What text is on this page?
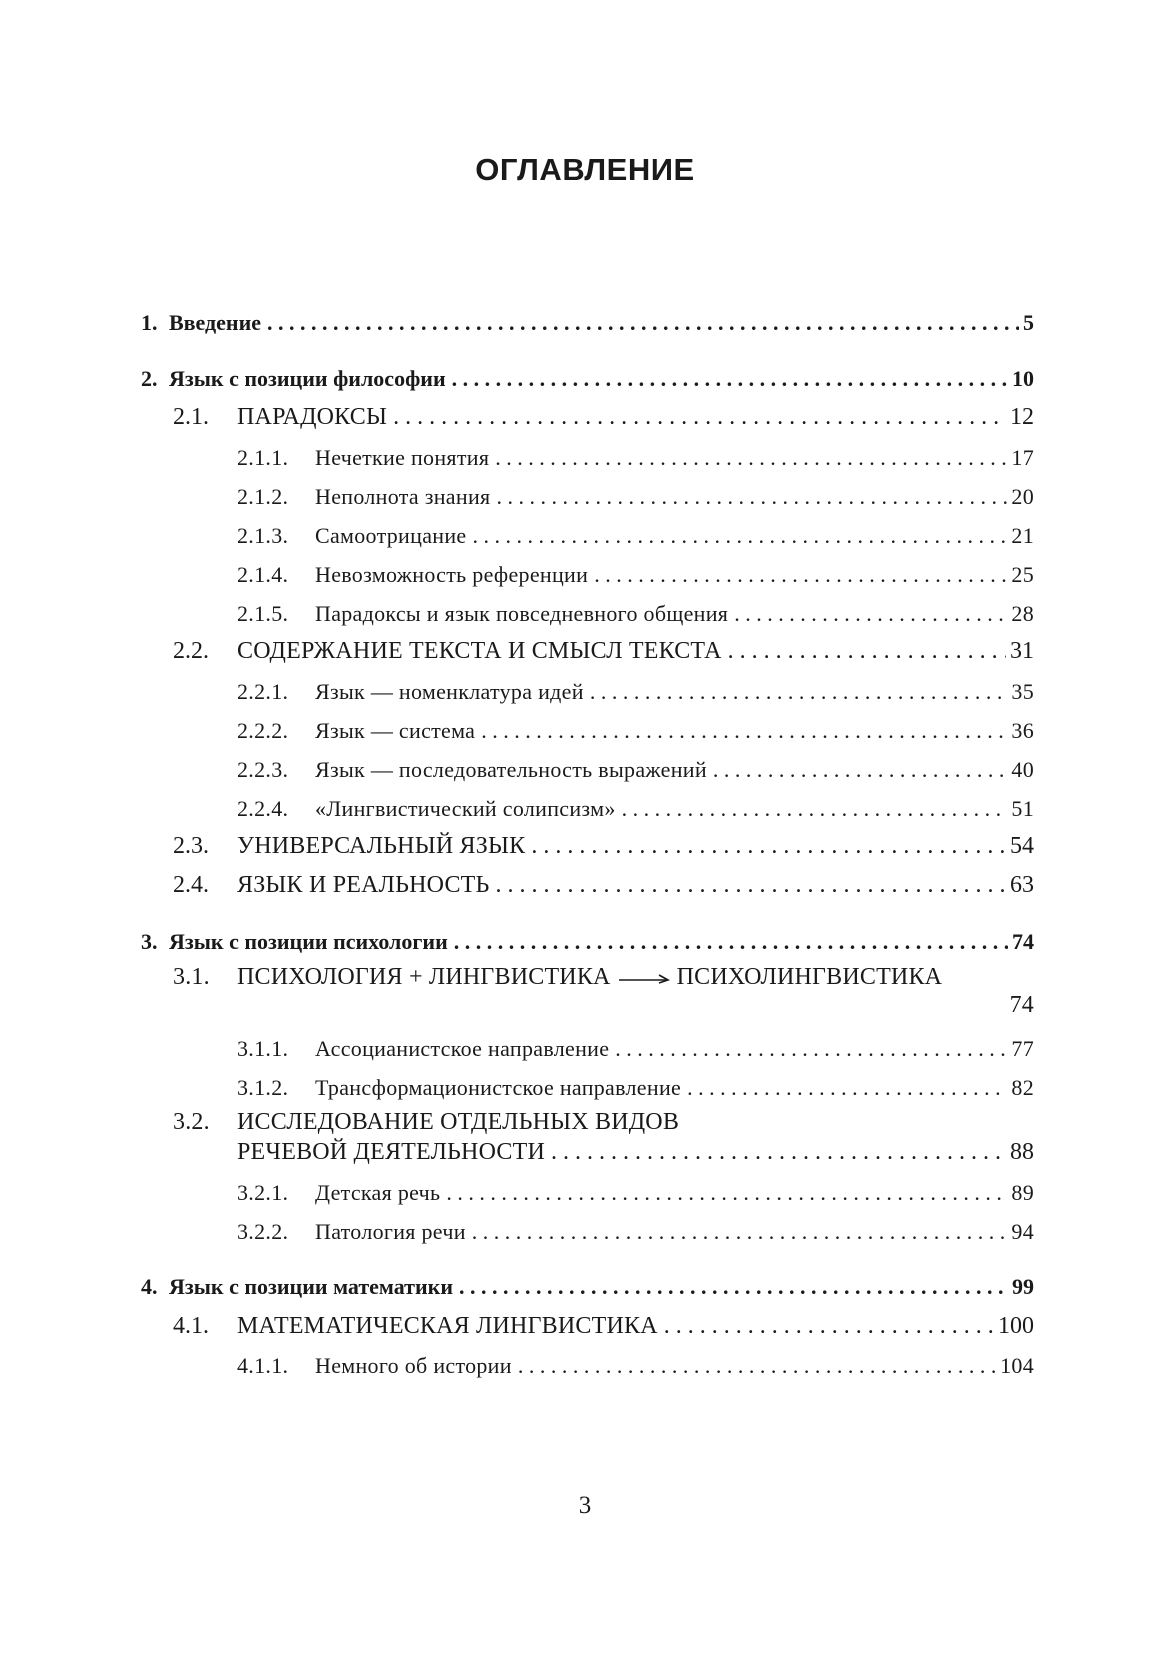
ОГЛАВЛЕНИЕ
1. Введение . . .	5
2. Язык с позиции философии . . .	10
2.1.	ПАРАДОКСЫ . . .	12
2.1.1.	Нечеткие понятия . . .	17
2.1.2.	Неполнота знания . . .	20
2.1.3.	Самоотрицание . . .	21
2.1.4.	Невозможность референции . . .	25
2.1.5.	Парадоксы и язык повседневного общения . . .	28
2.2.	СОДЕРЖАНИЕ ТЕКСТА И СМЫСЛ ТЕКСТА . . .	31
2.2.1.	Язык — номенклатура идей . . .	35
2.2.2.	Язык — система . . .	36
2.2.3.	Язык — последовательность выражений . . .	40
2.2.4.	«Лингвистический солипсизм» . . .	51
2.3.	УНИВЕРСАЛЬНЫЙ ЯЗЫК . . .	54
2.4.	ЯЗЫК И РЕАЛЬНОСТЬ . . .	63
3. Язык с позиции психологии . . .	74
3.1. ПСИХОЛОГИЯ + ЛИНГВИСТИКА	ПСИХОЛИНГВИСТИКА
74
3.1.1.	Ассоцианистское направление . . .	77
3.1.2.	Трансформационистское направление . . .	82
3.2. ИССЛЕДОВАНИЕ ОТДЕЛЬНЫХ ВИДОВ
РЕЧЕВОЙ ДЕЯТЕЛЬНОСТИ . . .	88
3.2.1.	Детская речь . . .	89
3.2.2.	Патология речи . . .	94
4. Язык с позиции математики . . .	99
4.1.	МАТЕМАТИЧЕСКАЯ ЛИНГВИСТИКА . . .	100
4.1.1.	Немного об истории . . .	104
3
